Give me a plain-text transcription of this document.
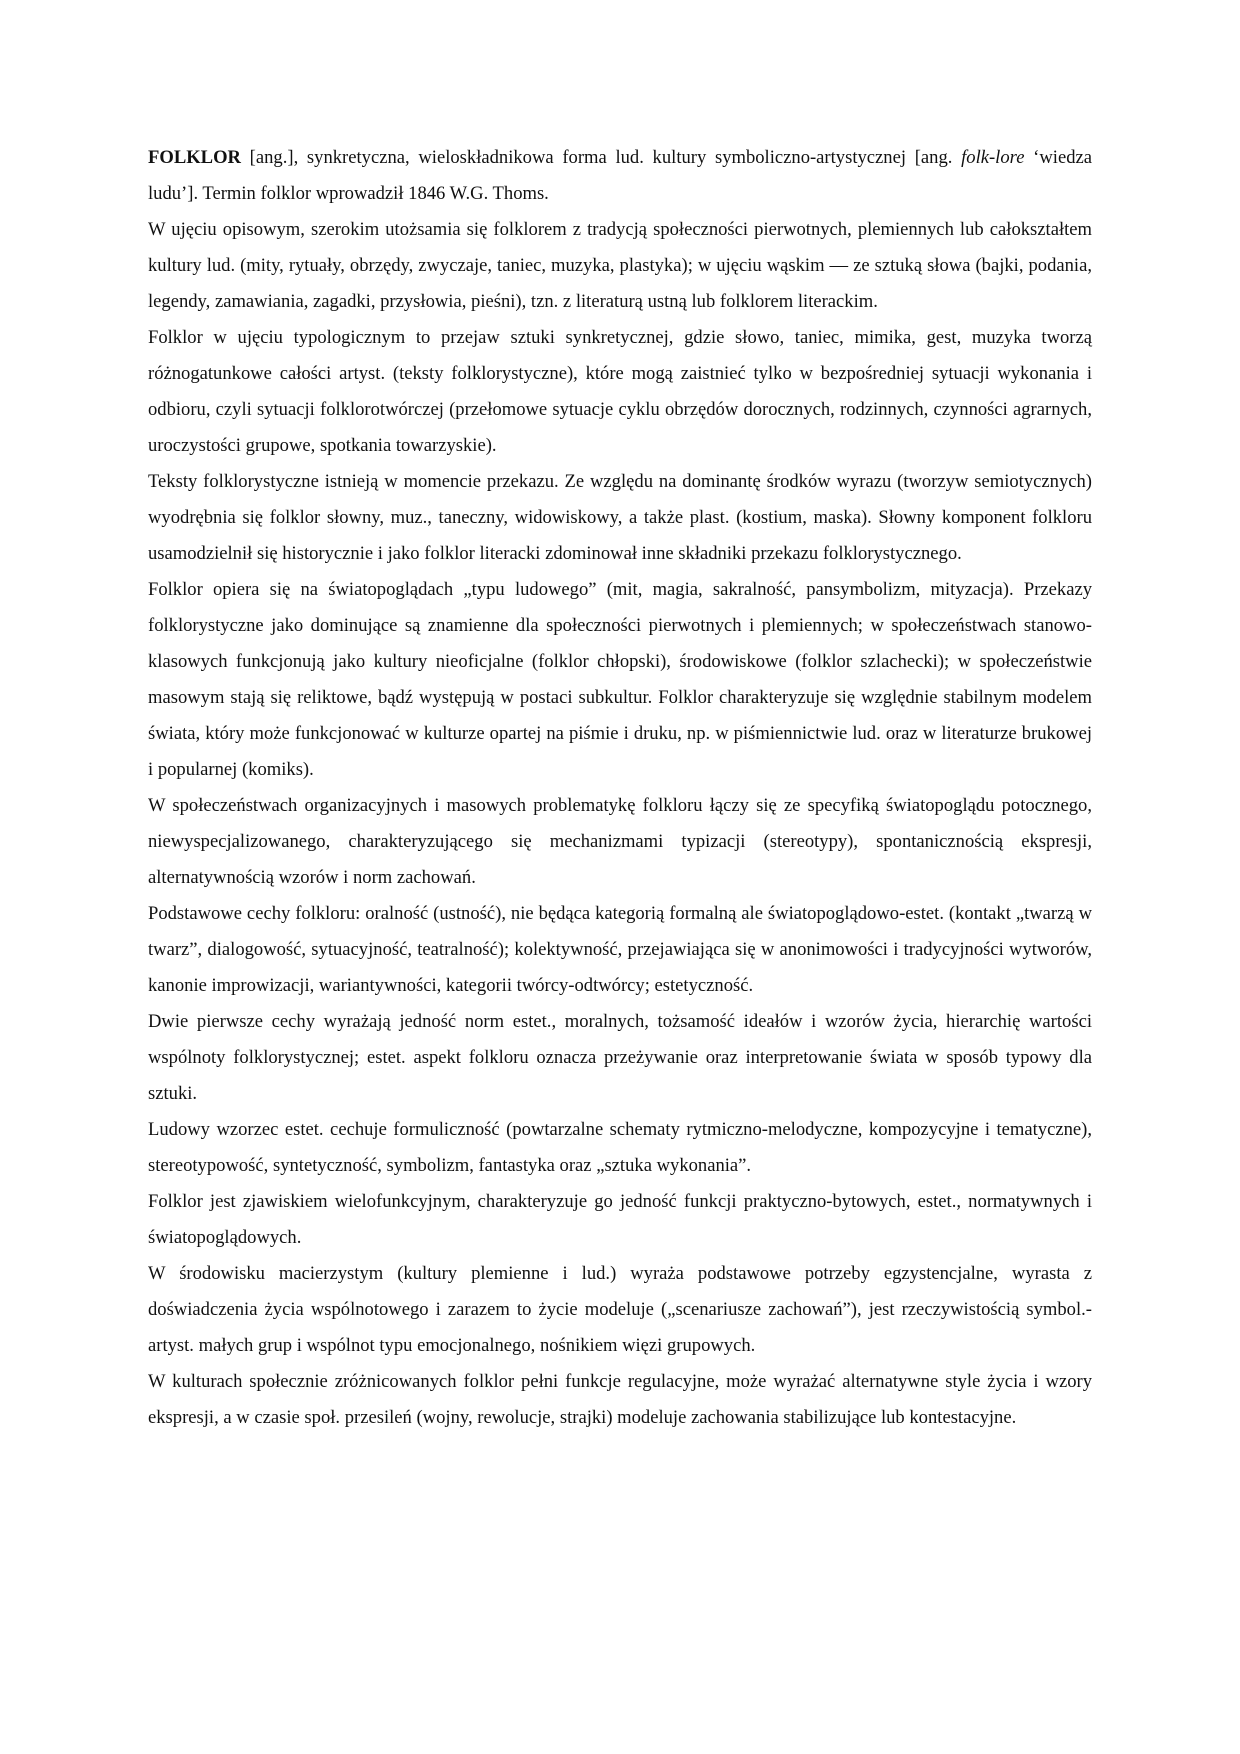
FOLKLOR [ang.], synkretyczna, wieloskładnikowa forma lud. kultury symboliczno-artystycznej [ang. folk-lore ‘wiedza ludu’]. Termin folklor wprowadził 1846 W.G. Thoms.

W ujęciu opisowym, szerokim utożsamia się folklorem z tradycją społeczności pierwotnych, plemiennych lub całokształtem kultury lud. (mity, rytuały, obrzędy, zwyczaje, taniec, muzyka, plastyka); w ujęciu wąskim — ze sztuką słowa (bajki, podania, legendy, zamawiania, zagadki, przysłowia, pieśni), tzn. z literaturą ustną lub folklorem literackim.

Folklor w ujęciu typologicznym to przejaw sztuki synkretycznej, gdzie słowo, taniec, mimika, gest, muzyka tworzą różnogatunkowe całości artyst. (teksty folklorystyczne), które mogą zaistnieć tylko w bezpośredniej sytuacji wykonania i odbioru, czyli sytuacji folklorotwórczej (przełomowe sytuacje cyklu obrzędów dorocznych, rodzinnych, czynności agrarnych, uroczystości grupowe, spotkania towarzyskie).

Teksty folklorystyczne istnieją w momencie przekazu. Ze względu na dominantę środków wyrazu (tworzyw semiotycznych) wyodrębnia się folklor słowny, muz., taneczny, widowiskowy, a także plast. (kostium, maska). Słowny komponent folkloru usamodzielnił się historycznie i jako folklor literacki zdominował inne składniki przekazu folklorystycznego.

Folklor opiera się na światopoglądach „typu ludowego” (mit, magia, sakralność, pansymbolizm, mityzacja). Przekazy folklorystyczne jako dominujące są znamienne dla społeczności pierwotnych i plemiennych; w społeczeństwach stanowo-klasowych funkcjonują jako kultury nieoficjalne (folklor chłopski), środowiskowe (folklor szlachecki); w społeczeństwie masowym stają się reliktowe, bądź występują w postaci subkultur. Folklor charakteryzuje się względnie stabilnym modelem świata, który może funkcjonować w kulturze opartej na piśmie i druku, np. w piśmiennictwie lud. oraz w literaturze brukowej i popularnej (komiks).

W społeczeństwach organizacyjnych i masowych problematykę folkloru łączy się ze specyfiką światopoglądu potocznego, niewyspecjalizowanego, charakteryzującego się mechanizmami typizacji (stereotypy), spontanicznością ekspresji, alternatywnością wzorów i norm zachowań.

Podstawowe cechy folkloru: oralność (ustność), nie będąca kategorią formalną ale światopoglądowo-estet. (kontakt „twarzą w twarz”, dialogowość, sytuacyjność, teatralność); kolektywność, przejawiająca się w anonimowości i tradycyjności wytworów, kanonie improwizacji, wariantywności, kategorii twórcy-odtwórcy; estetyczność.

Dwie pierwsze cechy wyrażają jedność norm estet., moralnych, tożsamość ideałów i wzorów życia, hierarchię wartości wspólnoty folklorystycznej; estet. aspekt folkloru oznacza przeżywanie oraz interpretowanie świata w sposób typowy dla sztuki.

Ludowy wzorzec estet. cechuje formuliczność (powtarzalne schematy rytmiczno-melodyczne, kompozycyjne i tematyczne), stereotypowość, syntetyczność, symbolizm, fantastyka oraz „sztuka wykonania”.

Folklor jest zjawiskiem wielofunkcyjnym, charakteryzuje go jedność funkcji praktyczno-bytowych, estet., normatywnych i światopoglądowych.

W środowisku macierzystym (kultury plemienne i lud.) wyraża podstawowe potrzeby egzystencjalne, wyrasta z doświadczenia życia wspólnotowego i zarazem to życie modeluje („scenariusze zachowań”), jest rzeczywistością symbol.-artyst. małych grup i wspólnot typu emocjonalnego, nośnikiem więzi grupowych.

W kulturach społecznie zróżnicowanych folklor pełni funkcje regulacyjne, może wyrażać alternatywne style życia i wzory ekspresji, a w czasie społ. przesileń (wojny, rewolucje, strajki) modeluje zachowania stabilizujące lub kontestacyjne.
